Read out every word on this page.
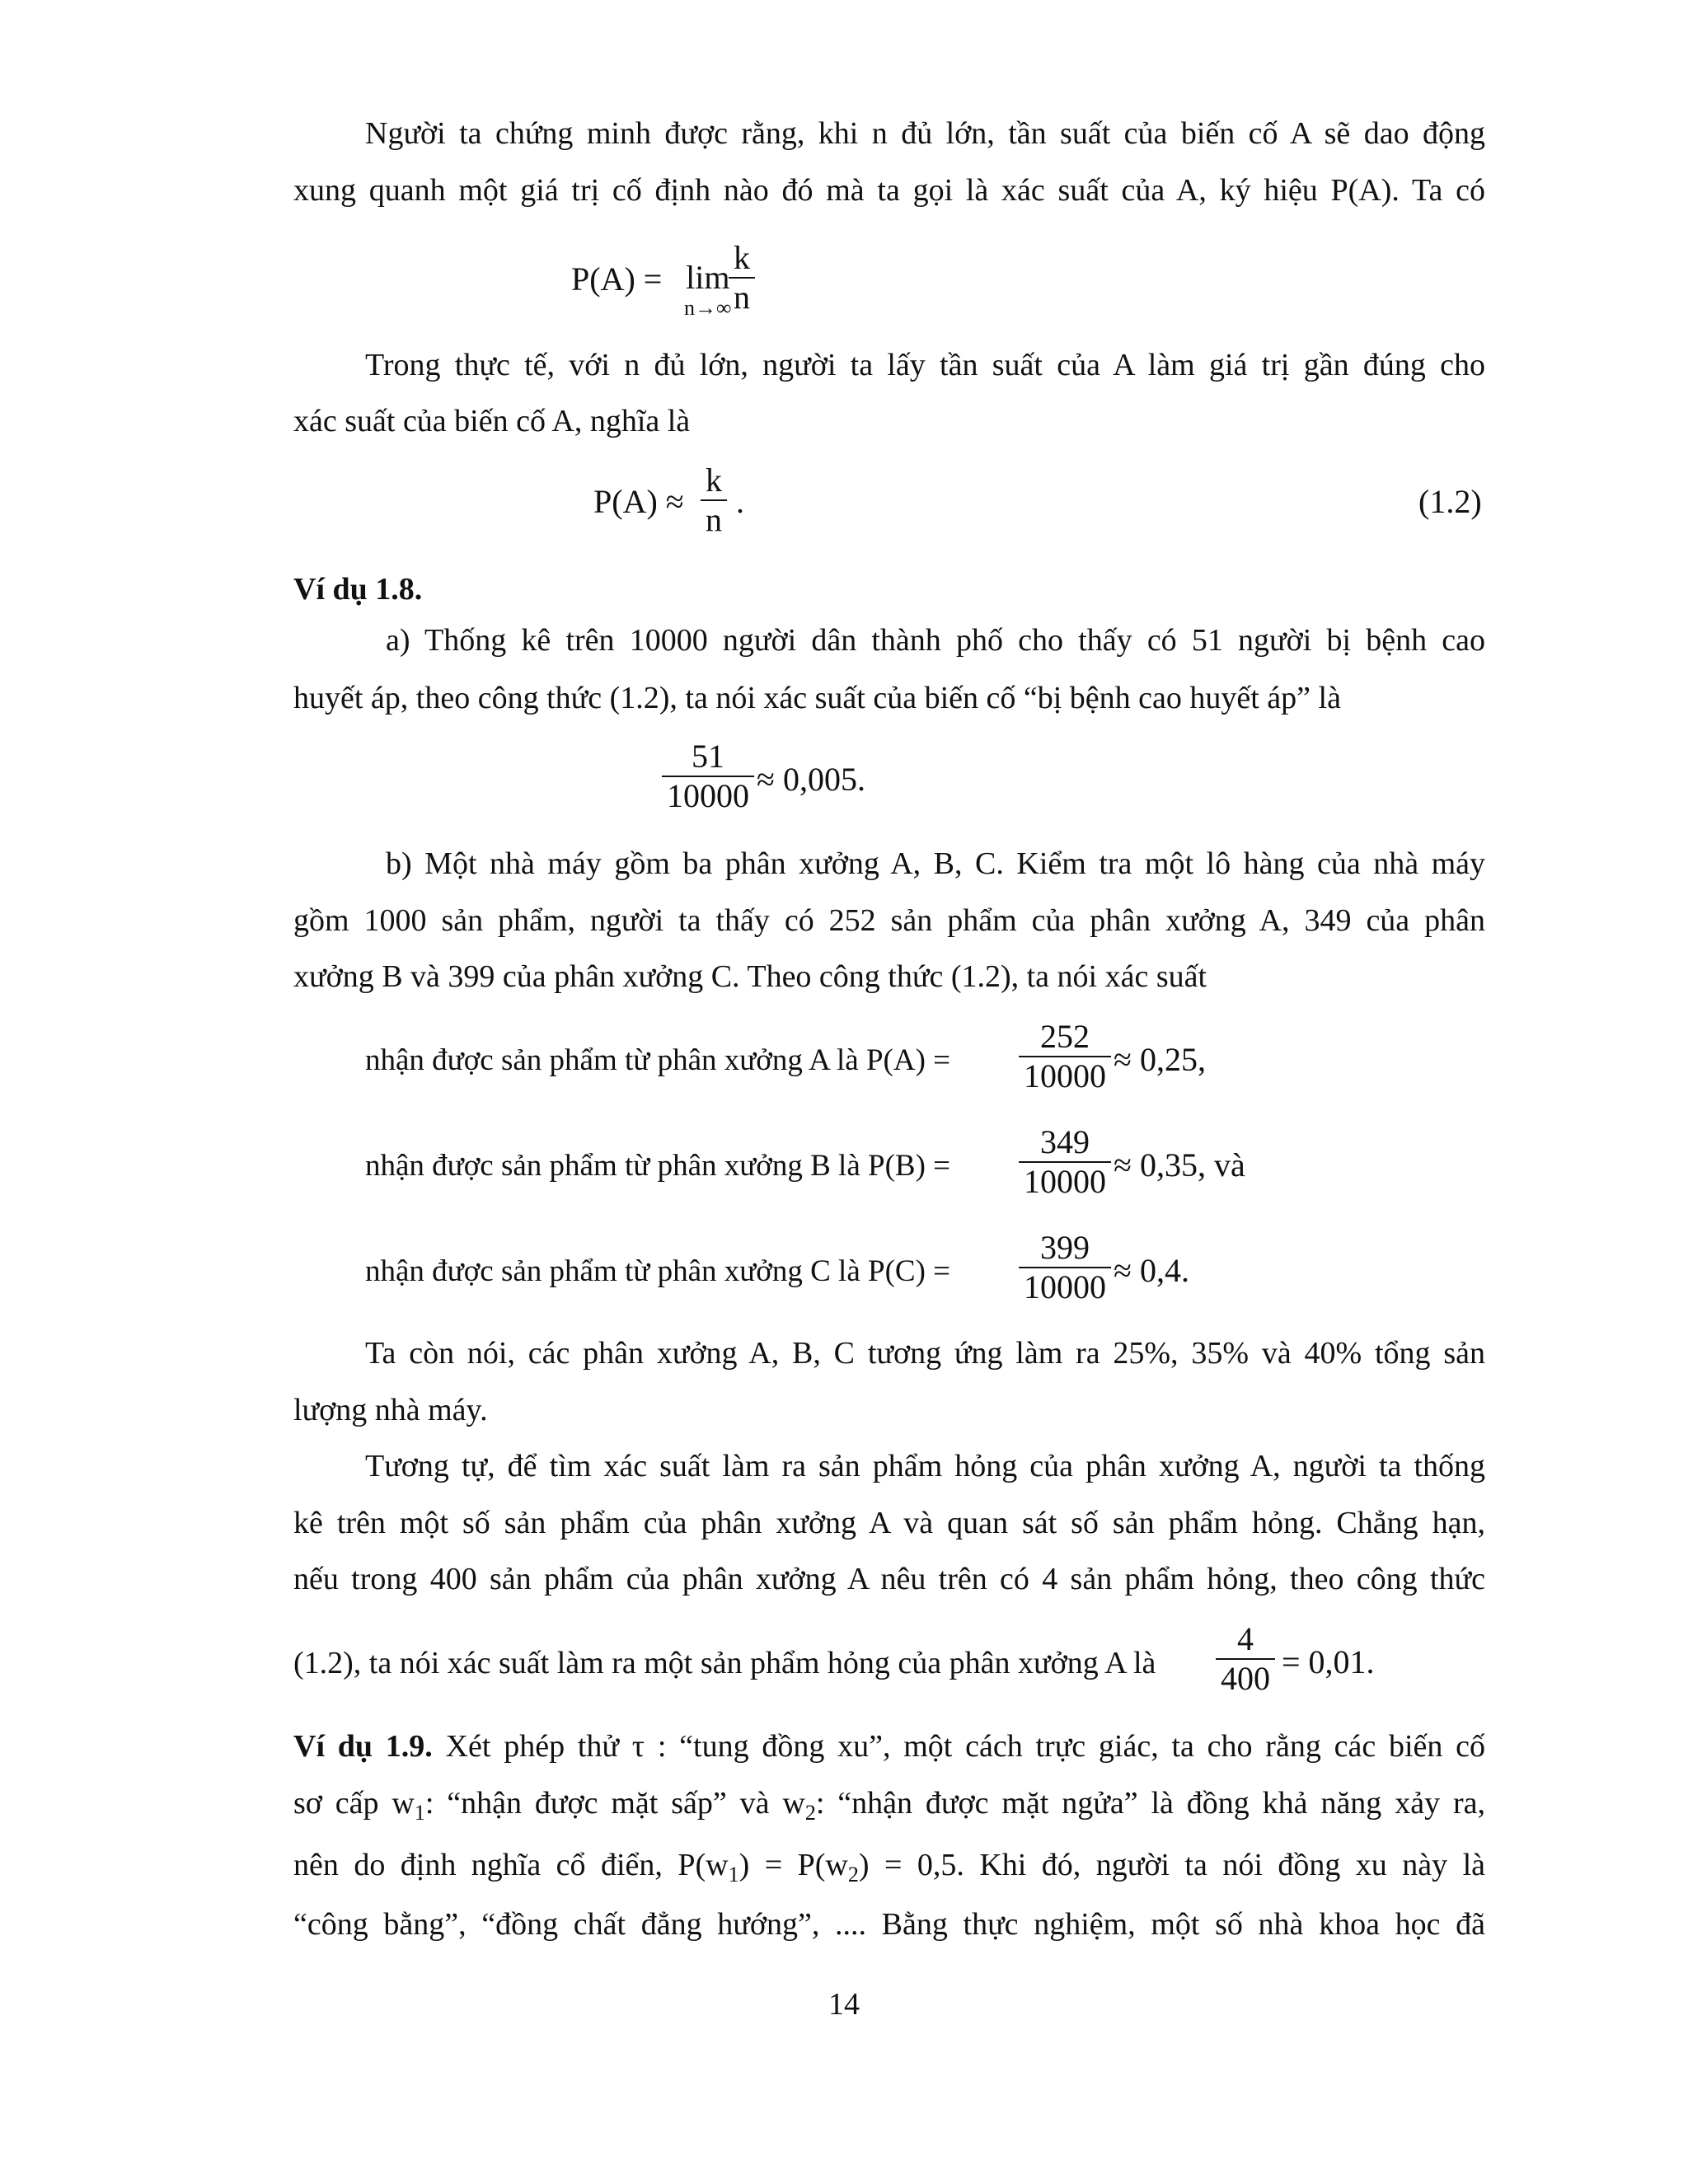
Người ta chứng minh được rằng, khi n đủ lớn, tần suất của biến cố A sẽ dao động
xung quanh một giá trị cố định nào đó mà ta gọi là xác suất của A, ký hiệu P(A). Ta có
P(A) = lim
n→∞
k
n
Trong thực tế, với n đủ lớn, người ta lấy tần suất của A làm giá trị gần đúng cho
xác suất của biến cố A, nghĩa là
P(A) ≈
k
n .	(1.2)
Ví dụ 1.8.
a) Thống kê trên 10000 người dân thành phố cho thấy có 51 người bị bệnh cao
huyết áp, theo công thức (1.2), ta nói xác suất của biến cố “bị bệnh cao huyết áp” là
51
10000 ≈ 0,005.
b) Một nhà máy gồm ba phân xưởng A, B, C. Kiểm tra một lô hàng của nhà máy
gồm 1000 sản phẩm, người ta thấy có 252 sản phẩm của phân xưởng A, 349 của phân
xưởng B và 399 của phân xưởng C. Theo công thức (1.2), ta nói xác suất
nhận được sản phẩm từ phân xưởng A là P(A) =
252
10000 ≈ 0,25,
nhận được sản phẩm từ phân xưởng B là P(B) =
349
10000 ≈ 0,35, và
nhận được sản phẩm từ phân xưởng C là P(C) =
399
10000 ≈ 0,4.
Ta còn nói, các phân xưởng A, B, C tương ứng làm ra 25%, 35% và 40% tổng sản
lượng nhà máy.
Tương tự, để tìm xác suất làm ra sản phẩm hỏng của phân xưởng A, người ta thống
kê trên một số sản phẩm của phân xưởng A và quan sát số sản phẩm hỏng. Chẳng hạn,
nếu trong 400 sản phẩm của phân xưởng A nêu trên có 4 sản phẩm hỏng, theo công thức
(1.2), ta nói xác suất làm ra một sản phẩm hỏng của phân xưởng A là
4
400 = 0,01.
Ví dụ 1.9. Xét phép thử τ : “tung đồng xu”, một cách trực giác, ta cho rằng các biến cố
sơ cấp $w_1$: “nhận được mặt sấp” và $w_2$: “nhận được mặt ngửa” là đồng khả năng xảy ra,
nên do định nghĩa cổ điển, $P(w_1) = P(w_2) = 0,5$. Khi đó, người ta nói đồng xu này là
“công bằng”, “đồng chất đẳng hướng”, .... Bằng thực nghiệm, một số nhà khoa học đã
14
